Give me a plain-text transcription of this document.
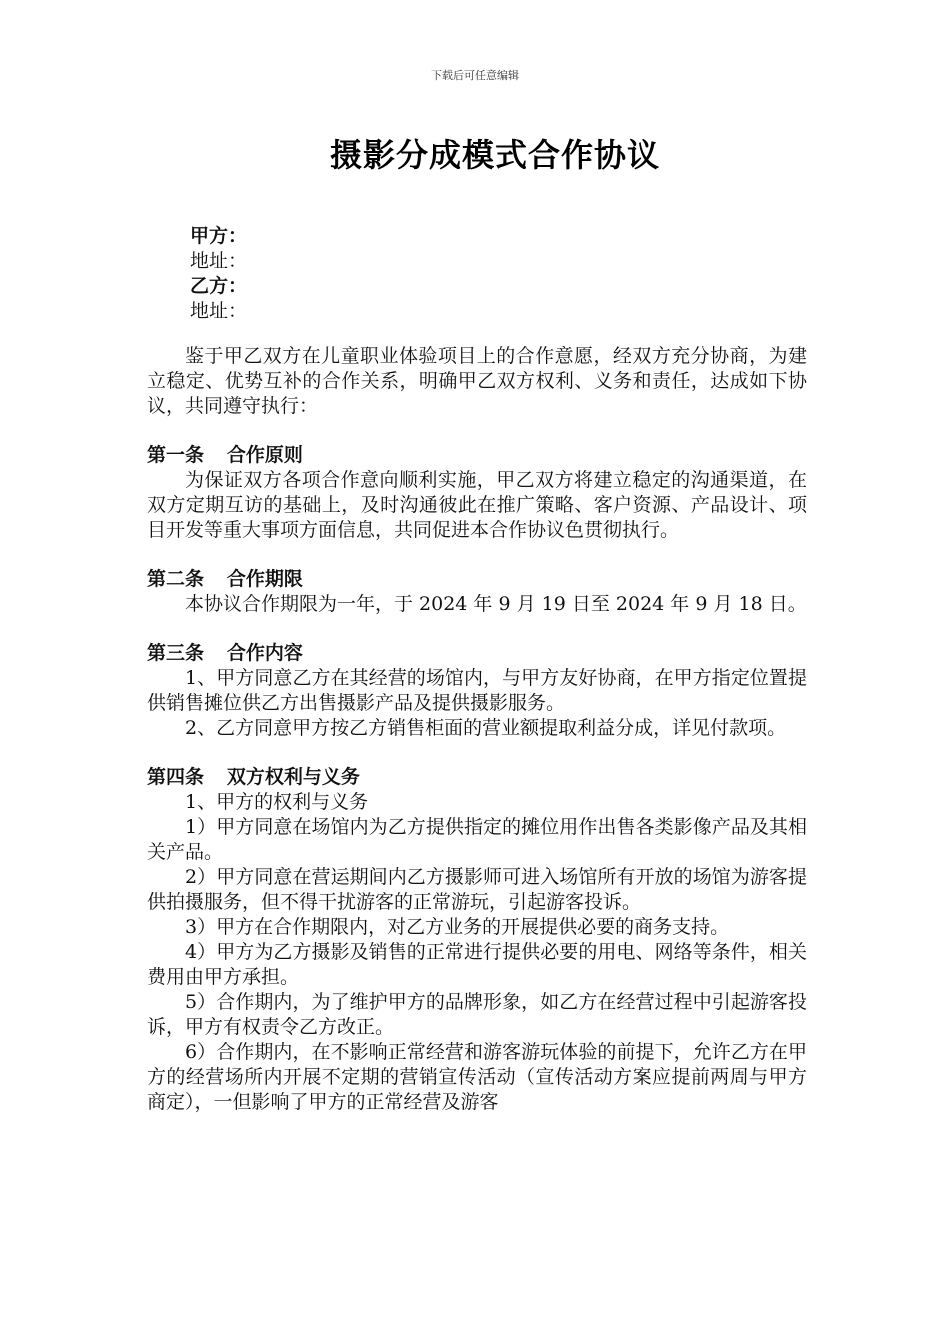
下载后可任意编辑
摄影分成模式合作协议
甲方：
地址：
乙方：
地址：

鉴于甲乙双方在儿童职业体验项目上的合作意愿，经双方充分协商，为建立稳定、优势互补的合作关系，明确甲乙双方权利、义务和责任，达成如下协议，共同遵守执行：

第一条 合作原则

为保证双方各项合作意向顺利实施，甲乙双方将建立稳定的沟通渠道，在双方定期互访的基础上，及时沟通彼此在推广策略、客户资源、产品设计、项目开发等重大事项方面信息，共同促进本合作协议色贯彻执行。

第二条 合作期限

本协议合作期限为一年，于 2024 年 9 月 19 日至 2024 年 9 月 18 日。

第三条 合作内容

1、甲方同意乙方在其经营的场馆内，与甲方友好协商，在甲方指定位置提供销售摊位供乙方出售摄影产品及提供摄影服务。

2、乙方同意甲方按乙方销售柜面的营业额提取利益分成，详见付款项。

第四条 双方权利与义务

1、甲方的权利与义务

1）甲方同意在场馆内为乙方提供指定的摊位用作出售各类影像产品及其相关产品。

2）甲方同意在营运期间内乙方摄影师可进入场馆所有开放的场馆为游客提供拍摄服务，但不得干扰游客的正常游玩，引起游客投诉。

3）甲方在合作期限内，对乙方业务的开展提供必要的商务支持。

4）甲方为乙方摄影及销售的正常进行提供必要的用电、网络等条件，相关费用由甲方承担。

5）合作期内，为了维护甲方的品牌形象，如乙方在经营过程中引起游客投诉，甲方有权责令乙方改正。

6）合作期内，在不影响正常经营和游客游玩体验的前提下，允许乙方在甲方的经营场所内开展不定期的营销宣传活动（宣传活动方案应提前两周与甲方商定），一但影响了甲方的正常经营及游客
